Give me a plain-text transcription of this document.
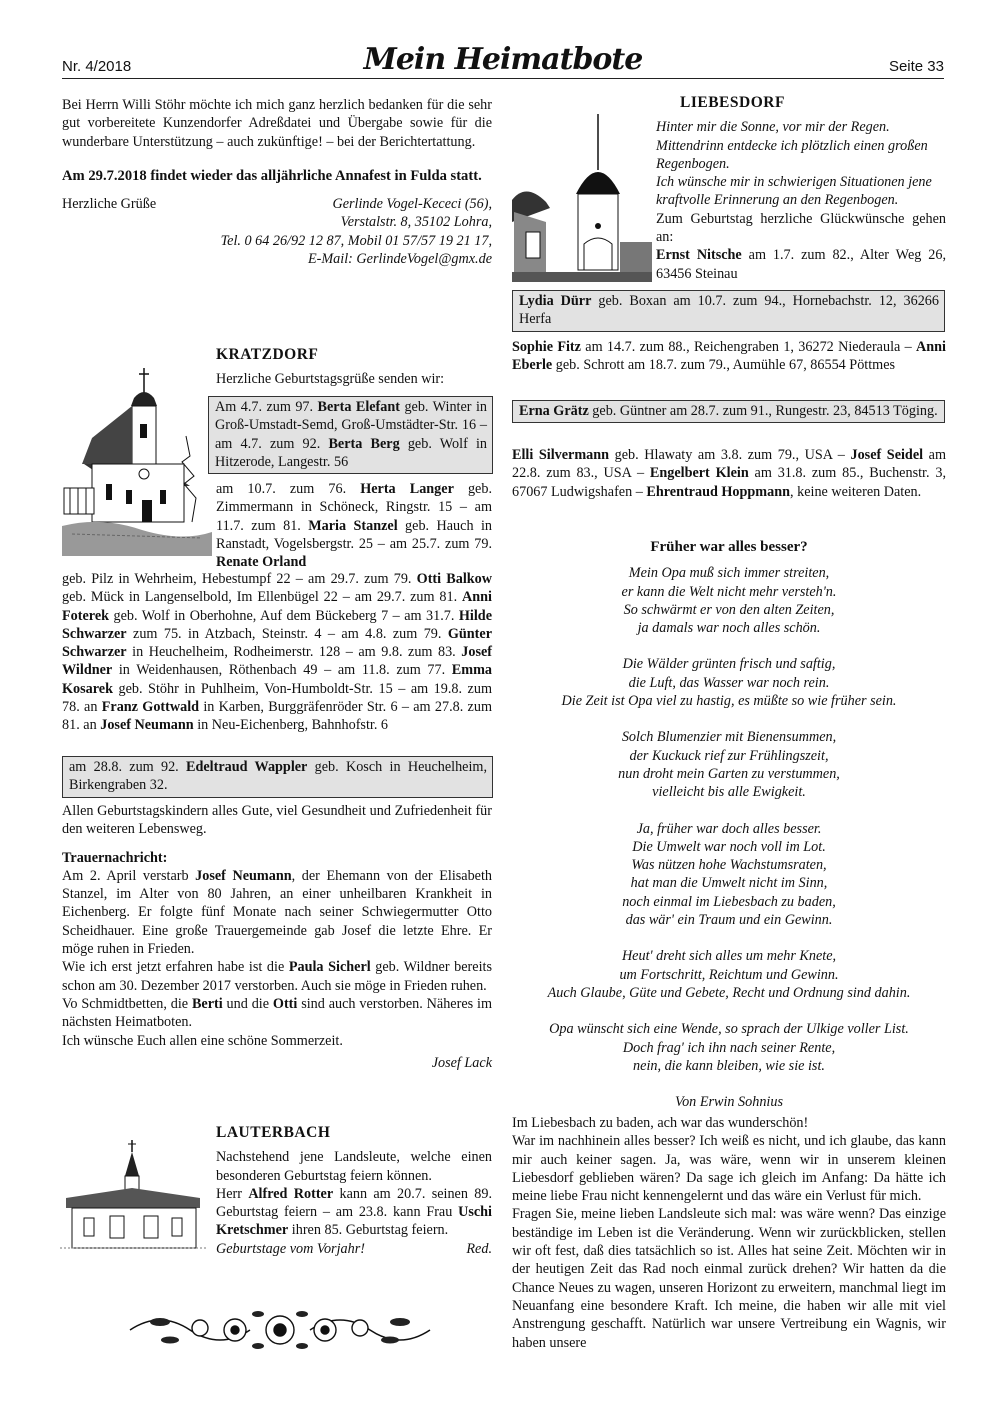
Nr. 4/2018	Mein Heimatbote	Seite 33

Bei Herrn Willi Stöhr möchte ich mich ganz herzlich bedanken für die sehr gut vorbereitete Kunzendorfer Adreßdatei und Übergabe sowie für die wunderbare Unterstützung – auch zukünftige! – bei der Berichtertattung.

Am 29.7.2018 findet wieder das alljährliche Annafest in Fulda statt.

Herzliche Grüße	Gerlinde Vogel-Kececi (56),

Verstalstr. 8, 35102 Lohra,

Tel. 0 64 26/92 12 87, Mobil 01 57/57 19 21 17,

E-Mail: GerlindeVogel@gmx.de

KRATZDORF

Herzliche Geburtstagsgrüße senden wir:

Am 4.7. zum 97. Berta Elefant geb. Winter in Groß-Umstadt-Semd, Groß-Umstädter-Str. 16 – am 4.7. zum 92. Berta Berg geb. Wolf in Hitzerode, Langestr. 56
am 10.7. zum 76. Herta Langer geb. Zimmermann in Schöneck, Ringstr. 15 – am 11.7. zum 81. Maria Stanzel geb. Hauch in Ranstadt, Vogelsbergstr. 25 – am 25.7. zum 79. Renate Orland
geb. Pilz in Wehrheim, Hebestumpf 22 – am 29.7. zum 79. Otti Balkow geb. Mück in Langenselbold, Im Ellenbügel 22 – am 29.7. zum 81. Anni Foterek geb. Wolf in Oberhohne, Auf dem Bückeberg 7 – am 31.7. Hilde Schwarzer zum 75. in Atzbach, Steinstr. 4 – am 4.8. zum 79. Günter Schwarzer in Heuchelheim, Rodheimerstr. 128 – am 9.8. zum 83. Josef Wildner in Weidenhausen, Röthenbach 49 – am 11.8. zum 77. Emma Kosarek geb. Stöhr in Puhlheim, Von-Humboldt-Str. 15 – am 19.8. zum 78. an Franz Gottwald in Karben, Burggräfenröder Str. 6 – am 27.8. zum 81. an Josef Neumann in Neu-Eichenberg, Bahnhofstr. 6
am 28.8. zum 92. Edeltraud Wappler geb. Kosch in Heuchelheim, Birkengraben 32.

Allen Geburtstagskindern alles Gute, viel Gesundheit und Zufriedenheit für den weiteren Lebensweg.

Trauernachricht:

Am 2. April verstarb Josef Neumann, der Ehemann von der Elisabeth Stanzel, im Alter von 80 Jahren, an einer unheilbaren Krankheit in Eichenberg. Er folgte fünf Monate nach seiner Schwiegermutter Otto Scheidhauer. Eine große Trauergemeinde gab Josef die letzte Ehre. Er möge ruhen in Frieden.

Wie ich erst jetzt erfahren habe ist die Paula Sicherl geb. Wildner bereits schon am 30. Dezember 2017 verstorben. Auch sie möge in Frieden ruhen.

Vo Schmidtbetten, die Berti und die Otti sind auch verstorben. Näheres im nächsten Heimatboten.

Ich wünsche Euch allen eine schöne Sommerzeit.

Josef Lack

LAUTERBACH

Nachstehend jene Landsleute, welche einen besonderen Geburtstag feiern können.

Herr Alfred Rotter kann am 20.7. seinen 89. Geburtstag feiern – am 23.8. kann Frau Uschi Kretschmer ihren 85. Geburtstag feiern.

Geburtstage vom Vorjahr!	Red.

LIEBESDORF

Hinter mir die Sonne, vor mir der Regen.

Mittendrinn entdecke ich plötzlich einen großen Regenbogen.

Ich wünsche mir in schwierigen Situationen jene kraftvolle Erinnerung an den Regenbogen.

Zum Geburtstag herzliche Glückwünsche gehen an:

Ernst Nitsche am 1.7. zum 82., Alter Weg 26, 63456 Steinau

Lydia Dürr geb. Boxan am 10.7. zum 94., Hornebachstr. 12, 36266 Herfa
Sophie Fitz am 14.7. zum 88., Reichengraben 1, 36272 Niederaula – Anni Eberle geb. Schrott am 18.7. zum 79., Aumühle 67, 86554 Pöttmes
Erna Grätz geb. Güntner am 28.7. zum 91., Rungestr. 23, 84513 Töging.
Elli Silvermann geb. Hlawaty am 3.8. zum 79., USA – Josef Seidel am 22.8. zum 83., USA – Engelbert Klein am 31.8. zum 85., Buchenstr. 3, 67067 Ludwigshafen – Ehrentraud Hoppmann, keine weiteren Daten.

Früher war alles besser?

Mein Opa muß sich immer streiten,
er kann die Welt nicht mehr versteh'n.
So schwärmt er von den alten Zeiten,
ja damals war noch alles schön.
Die Wälder grünten frisch und saftig,
die Luft, das Wasser war noch rein.
Die Zeit ist Opa viel zu hastig, es müßte so wie früher sein.
Solch Blumenzier mit Bienensummen,
der Kuckuck rief zur Frühlingszeit,
nun droht mein Garten zu verstummen,
vielleicht bis alle Ewigkeit.
Ja, früher war doch alles besser.
Die Umwelt war noch voll im Lot.
Was nützen hohe Wachstumsraten,
hat man die Umwelt nicht im Sinn,
noch einmal im Liebesbach zu baden,
das wär' ein Traum und ein Gewinn.
Heut' dreht sich alles um mehr Knete,
um Fortschritt, Reichtum und Gewinn.
Auch Glaube, Güte und Gebete, Recht und Ordnung sind dahin.
Opa wünscht sich eine Wende, so sprach der Ulkige voller List.
Doch frag' ich ihn nach seiner Rente,
nein, die kann bleiben, wie sie ist.

Von Erwin Sohnius

Im Liebesbach zu baden, ach war das wunderschön!

War im nachhinein alles besser? Ich weiß es nicht, und ich glaube, das kann mir auch keiner sagen. Ja, was wäre, wenn wir in unserem kleinen Liebesdorf geblieben wären? Da sage ich gleich im Anfang: Da hätte ich meine liebe Frau nicht kennengelernt und das wäre ein Verlust für mich.

Fragen Sie, meine lieben Landsleute sich mal: was wäre wenn? Das einzige beständige im Leben ist die Veränderung. Wenn wir zurückblicken, stellen wir oft fest, daß dies tatsächlich so ist. Alles hat seine Zeit. Möchten wir in der heutigen Zeit das Rad noch einmal zurück drehen? Wir hatten da die Chance Neues zu wagen, unseren Horizont zu erweitern, manchmal liegt im Neuanfang eine besondere Kraft. Ich meine, die haben wir alle mit viel Anstrengung geschafft. Natürlich war unsere Vertreibung ein Wagnis, wir haben unsere
